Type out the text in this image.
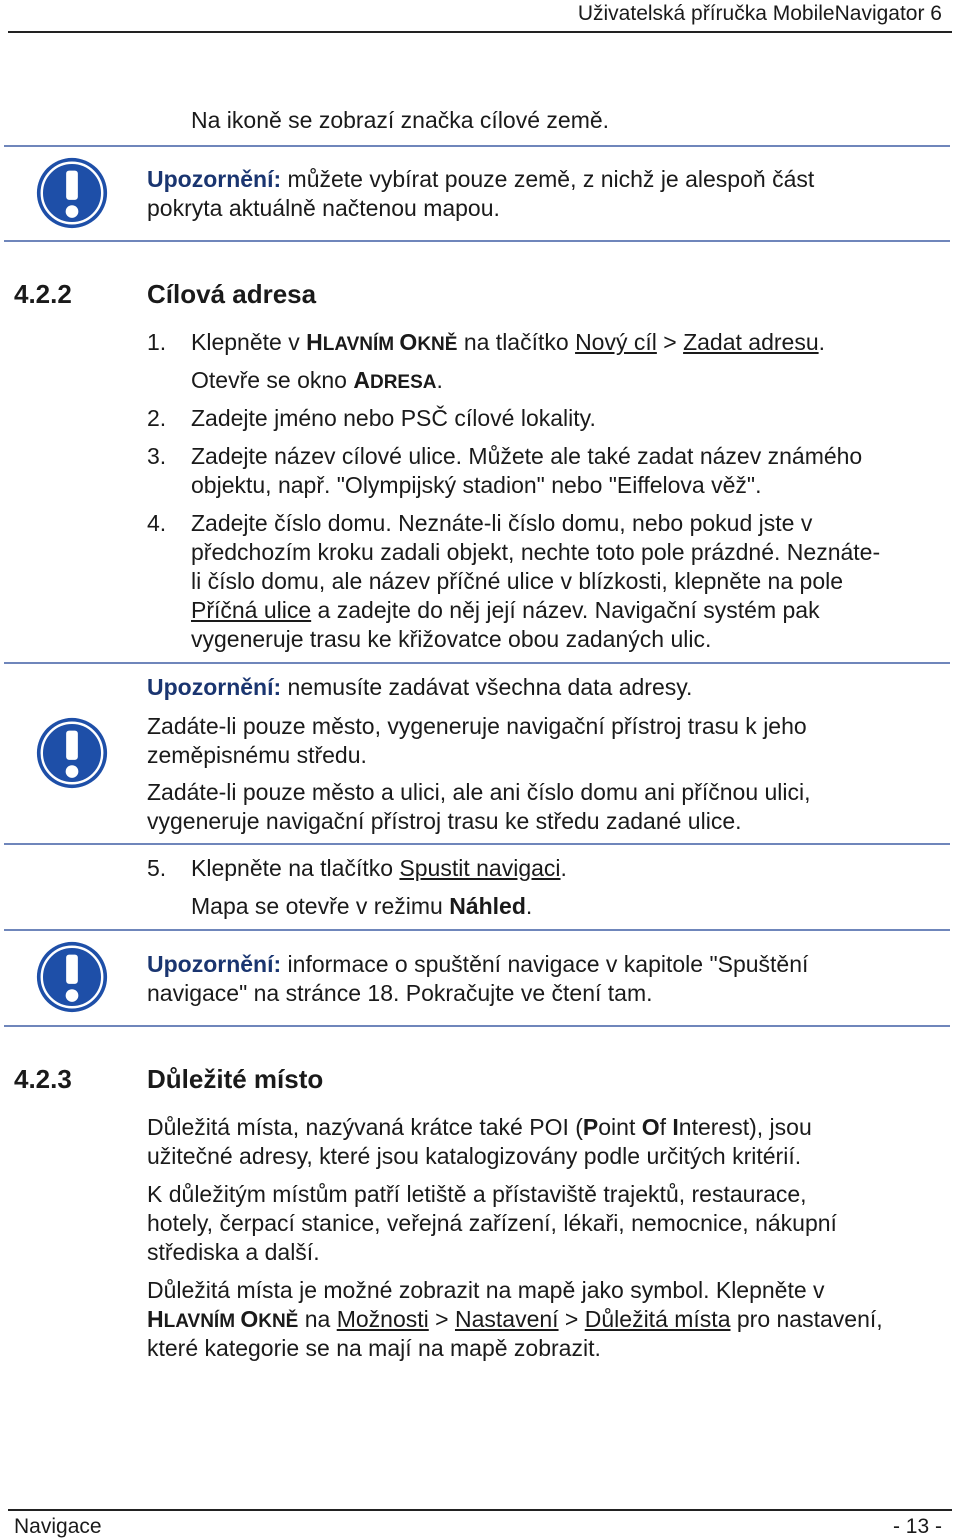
Uživatelská příručka MobileNavigator 6
Na ikoně se zobrazí značka cílové země.
Upozornění: můžete vybírat pouze země, z nichž je alespoň část
pokryta aktuálně načtenou mapou.
4.2.2	Cílová adresa
1. Klepněte v HLAVNÍM OKNĚ na tlačítko Nový cíl > Zadat adresu.
Otevře se okno ADRESA.
2. Zadejte jméno nebo PSČ cílové lokality.
3. Zadejte název cílové ulice. Můžete ale také zadat název známého
objektu, např. "Olympijský stadion" nebo "Eiffelova věž".
4. Zadejte číslo domu. Neznáte-li číslo domu, nebo pokud jste v
předchozím kroku zadali objekt, nechte toto pole prázdné. Neznáte-
li číslo domu, ale název příčné ulice v blízkosti, klepněte na pole
Příčná ulice a zadejte do něj její název. Navigační systém pak
vygeneruje trasu ke křižovatce obou zadaných ulic.
Upozornění: nemusíte zadávat všechna data adresy.
Zadáte-li pouze město, vygeneruje navigační přístroj trasu k jeho
zeměpisnému středu.
Zadáte-li pouze město a ulici, ale ani číslo domu ani příčnou ulici,
vygeneruje navigační přístroj trasu ke středu zadané ulice.
5. Klepněte na tlačítko Spustit navigaci.
Mapa se otevře v režimu Náhled.
Upozornění: informace o spuštění navigace v kapitole "Spuštění
navigace" na stránce 18. Pokračujte ve čtení tam.
4.2.3	Důležité místo
Důležitá místa, nazývaná krátce také POI (Point Of Interest), jsou
užitečné adresy, které jsou katalogizovány podle určitých kritérií.
K důležitým místům patří letiště a přístaviště trajektů, restaurace,
hotely, čerpací stanice, veřejná zařízení, lékaři, nemocnice, nákupní
střediska a další.
Důležitá místa je možné zobrazit na mapě jako symbol. Klepněte v
HLAVNÍM OKNĚ na Možnosti > Nastavení > Důležitá místa pro nastavení,
které kategorie se na mají na mapě zobrazit.
Navigace	- 13 -
